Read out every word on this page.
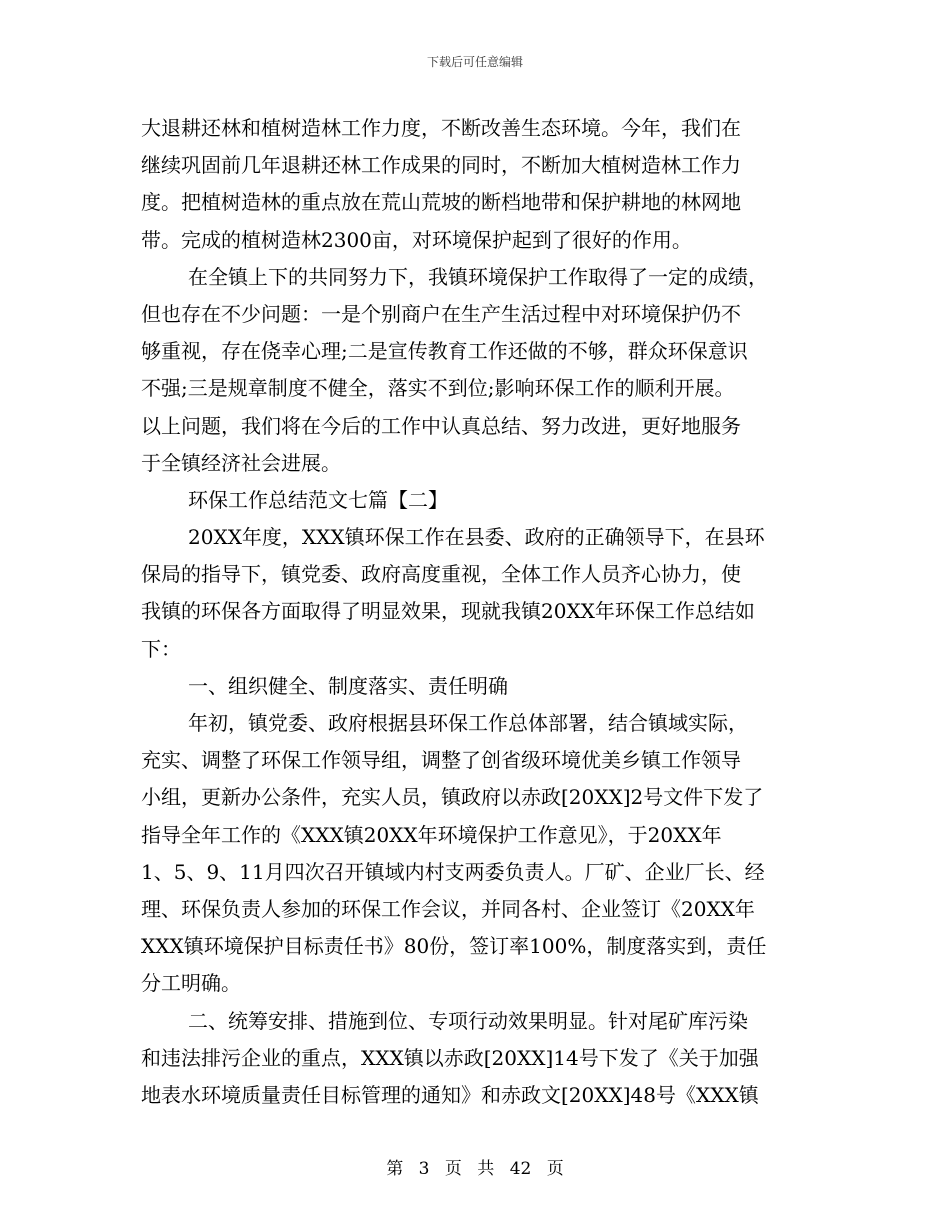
下载后可任意编辑
大退耕还林和植树造林工作力度，不断改善生态环境。今年，我们在
继续巩固前几年退耕还林工作成果的同时，不断加大植树造林工作力
度。把植树造林的重点放在荒山荒坡的断档地带和保护耕地的林网地
带。完成的植树造林2300亩，对环境保护起到了很好的作用。
在全镇上下的共同努力下，我镇环境保护工作取得了一定的成绩，
但也存在不少问题：一是个别商户在生产生活过程中对环境保护仍不
够重视，存在侥幸心理;二是宣传教育工作还做的不够，群众环保意识
不强;三是规章制度不健全，落实不到位;影响环保工作的顺利开展。
以上问题，我们将在今后的工作中认真总结、努力改进，更好地服务
于全镇经济社会进展。
环保工作总结范文七篇【二】
20XX年度，XXX镇环保工作在县委、政府的正确领导下，在县环
保局的指导下，镇党委、政府高度重视，全体工作人员齐心协力，使
我镇的环保各方面取得了明显效果，现就我镇20XX年环保工作总结如
下：
一、组织健全、制度落实、责任明确
年初，镇党委、政府根据县环保工作总体部署，结合镇域实际，
充实、调整了环保工作领导组，调整了创省级环境优美乡镇工作领导
小组，更新办公条件，充实人员，镇政府以赤政[20XX]2号文件下发了
指导全年工作的《XXX镇20XX年环境保护工作意见》，于20XX年
1、5、9、11月四次召开镇域内村支两委负责人。厂矿、企业厂长、经
理、环保负责人参加的环保工作会议，并同各村、企业签订《20XX年
XXX镇环境保护目标责任书》80份，签订率100%，制度落实到，责任
分工明确。
二、统筹安排、措施到位、专项行动效果明显。针对尾矿库污染
和违法排污企业的重点，XXX镇以赤政[20XX]14号下发了《关于加强
地表水环境质量责任目标管理的通知》和赤政文[20XX]48号《XXX镇
第 3 页 共 42 页
